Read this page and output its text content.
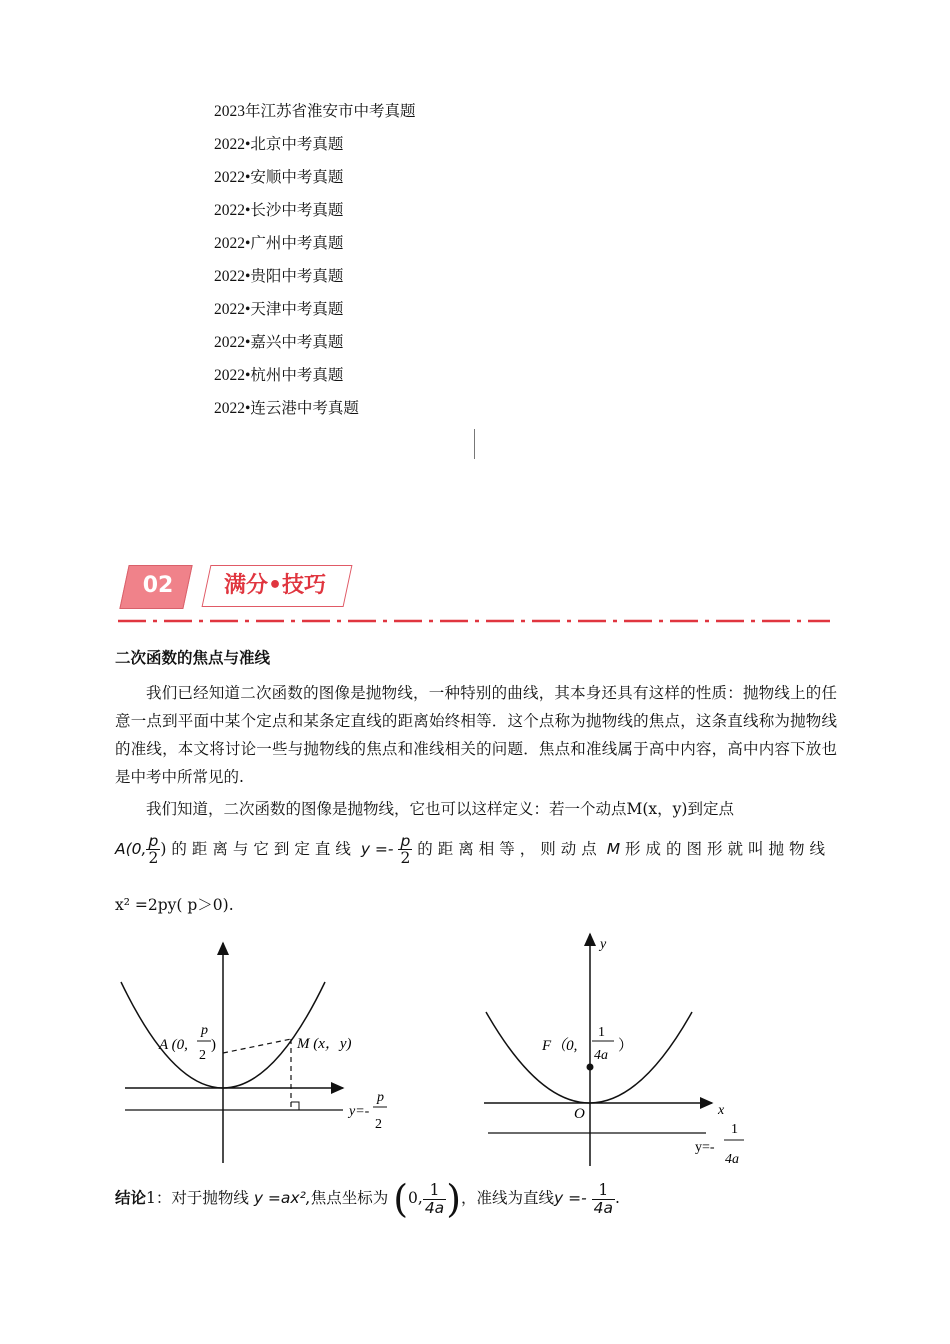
2023年江苏省淮安市中考真题
2022•北京中考真题
2022•安顺中考真题
2022•长沙中考真题
2022•广州中考真题
2022•贵阳中考真题
2022•天津中考真题
2022•嘉兴中考真题
2022•杭州中考真题
2022•连云港中考真题
02	满分•技巧
二次函数的焦点与准线
我们已经知道二次函数的图像是抛物线，一种特别的曲线，其本身还具有这样的性质：抛物线上的任意一点到平面中某个定点和某条定直线的距离始终相等．这个点称为抛物线的焦点，这条直线称为抛物线的准线，本文将讨论一些与抛物线的焦点和准线相关的问题．焦点和准线属于高中内容，高中内容下放也是中考中所常见的.
我们知道，二次函数的图像是抛物线，它也可以这样定义：若一个动点M(x，y)到定点
A(0, $\frac{p}{2}$ )的距离与它到定直线 $y =- \frac{p}{2}$ 的距离相等，则动点 M 形成的图形就叫抛物线
x² =2py( p＞0).
A (0,
p
2
)	M (x，y)
y=-
p
2
y
x
O
F（0,
1
4a
）
y=-
1
4a
结论1：对于抛物线 y =ax²,焦点坐标为 (0, $\frac{1}{4a}$ )，准线为直线$y =- \frac{1}{4a}$ .
